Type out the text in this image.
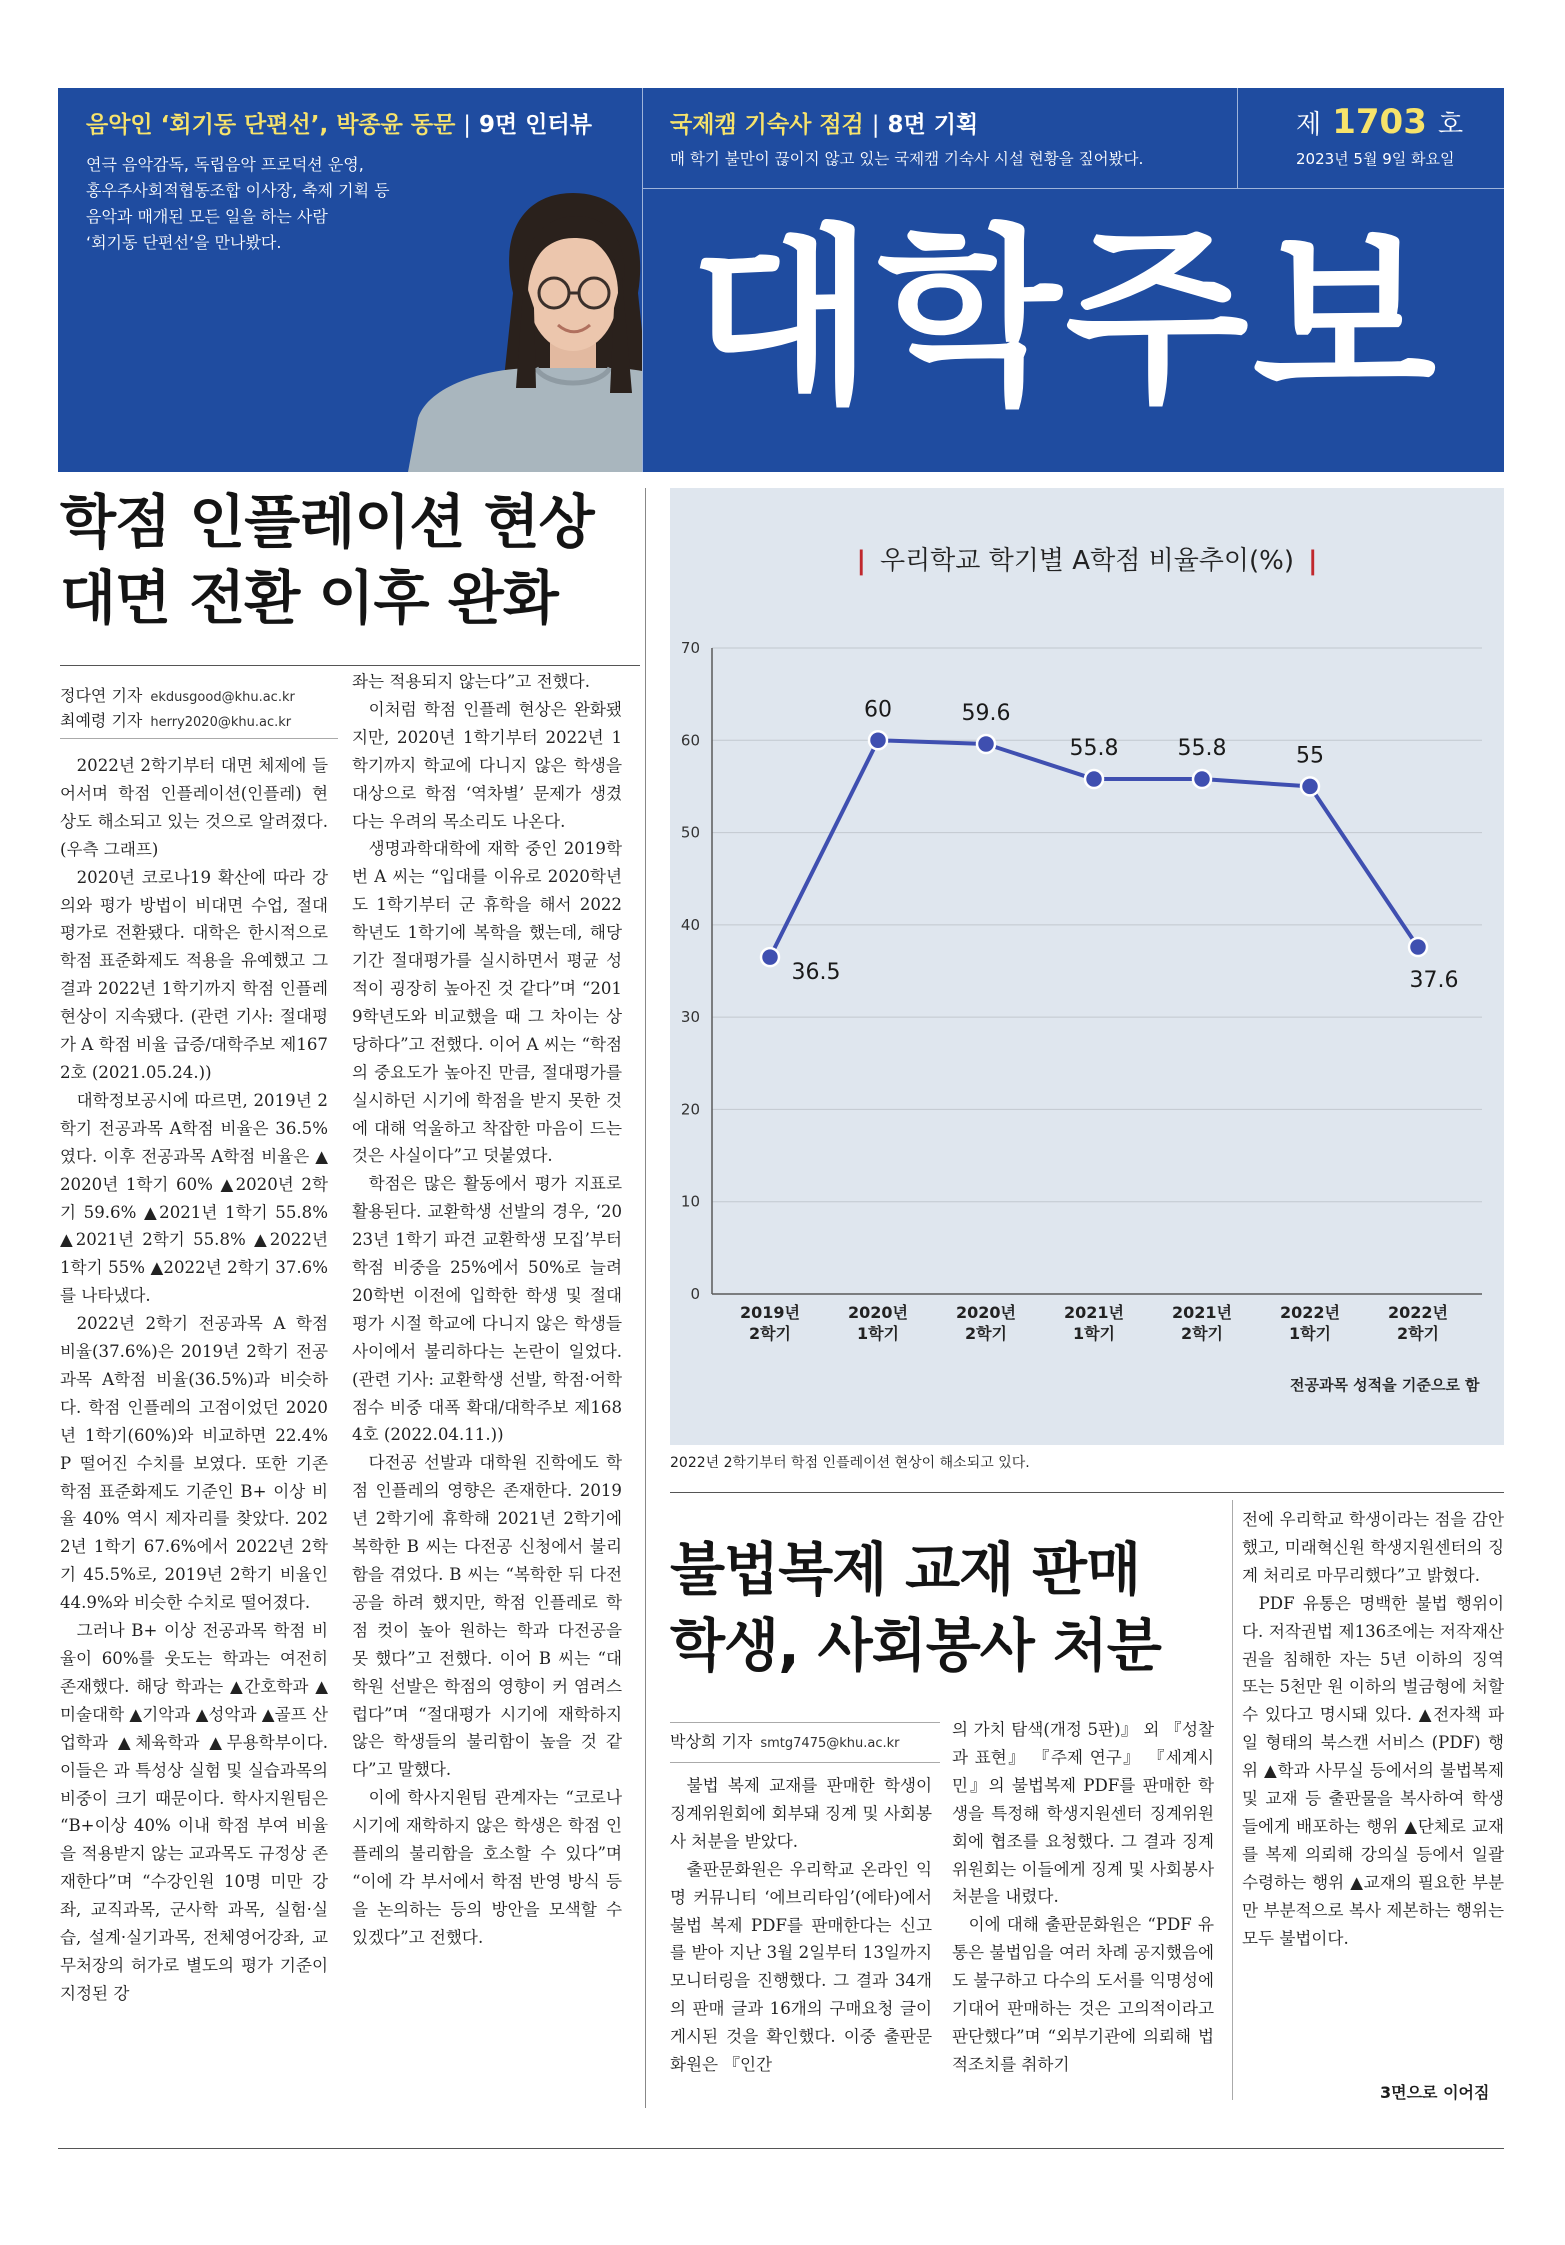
음악인 ‘회기동 단편선’, 박종윤 동문 | 9면 인터뷰
연극 음악감독, 독립음악 프로덕션 운영,
홍우주사회적협동조합 이사장, 축제 기획 등
음악과 매개된 모든 일을 하는 사람
‘회기동 단편선’을 만나봤다.
국제캠 기숙사 점검 | 8면 기획
매 학기 불만이 끊이지 않고 있는 국제캠 기숙사 시설 현황을 짚어봤다.
제 1703 호
2023년 5월 9일 화요일
대학주보
학점 인플레이션 현상
대면 전환 이후 완화
정다연 기자 ekdusgood@khu.ac.kr
최예령 기자 herry2020@khu.ac.kr

2022년 2학기부터 대면 체제에 들어서며 학점 인플레이션(인플레) 현상도 해소되고 있는 것으로 알려졌다.(우측 그래프)

2020년 코로나19 확산에 따라 강의와 평가 방법이 비대면 수업, 절대평가로 전환됐다. 대학은 한시적으로 학점 표준화제도 적용을 유예했고 그 결과 2022년 1학기까지 학점 인플레 현상이 지속됐다. (관련 기사: 절대평가 A 학점 비율 급증/대학주보 제1672호 (2021.05.24.))

대학정보공시에 따르면, 2019년 2학기 전공과목 A학점 비율은 36.5%였다. 이후 전공과목 A학점 비율은 ▲2020년 1학기 60% ▲2020년 2학기 59.6% ▲2021년 1학기 55.8% ▲2021년 2학기 55.8% ▲2022년 1학기 55% ▲2022년 2학기 37.6%를 나타냈다.

2022년 2학기 전공과목 A 학점 비율(37.6%)은 2019년 2학기 전공과목 A학점 비율(36.5%)과 비슷하다. 학점 인플레의 고점이었던 2020년 1학기(60%)와 비교하면 22.4%P 떨어진 수치를 보였다. 또한 기존 학점 표준화제도 기준인 B+ 이상 비율 40% 역시 제자리를 찾았다. 2022년 1학기 67.6%에서 2022년 2학기 45.5%로, 2019년 2학기 비율인 44.9%와 비슷한 수치로 떨어졌다.

그러나 B+ 이상 전공과목 학점 비율이 60%를 웃도는 학과는 여전히 존재했다. 해당 학과는 ▲간호학과 ▲미술대학 ▲기악과 ▲성악과 ▲골프 산업학과 ▲체육학과 ▲무용학부이다. 이들은 과 특성상 실험 및 실습과목의 비중이 크기 때문이다. 학사지원팀은 “B+이상 40% 이내 학점 부여 비율을 적용받지 않는 교과목도 규정상 존재한다”며 “수강인원 10명 미만 강좌, 교직과목, 군사학 과목, 실험·실습, 설계·실기과목, 전체영어강좌, 교무처장의 허가로 별도의 평가 기준이 지정된 강

좌는 적용되지 않는다”고 전했다.

이처럼 학점 인플레 현상은 완화됐지만, 2020년 1학기부터 2022년 1학기까지 학교에 다니지 않은 학생을 대상으로 학점 ‘역차별’ 문제가 생겼다는 우려의 목소리도 나온다.

생명과학대학에 재학 중인 2019학번 A 씨는 “입대를 이유로 2020학년도 1학기부터 군 휴학을 해서 2022학년도 1학기에 복학을 했는데, 해당 기간 절대평가를 실시하면서 평균 성적이 굉장히 높아진 것 같다”며 “2019학년도와 비교했을 때 그 차이는 상당하다”고 전했다. 이어 A 씨는 “학점의 중요도가 높아진 만큼, 절대평가를 실시하던 시기에 학점을 받지 못한 것에 대해 억울하고 착잡한 마음이 드는 것은 사실이다”고 덧붙였다.

학점은 많은 활동에서 평가 지표로 활용된다. 교환학생 선발의 경우, ‘2023년 1학기 파견 교환학생 모집’부터 학점 비중을 25%에서 50%로 늘려 20학번 이전에 입학한 학생 및 절대평가 시절 학교에 다니지 않은 학생들 사이에서 불리하다는 논란이 일었다. (관련 기사: 교환학생 선발, 학점·어학점수 비중 대폭 확대/대학주보 제1684호 (2022.04.11.))

다전공 선발과 대학원 진학에도 학점 인플레의 영향은 존재한다. 2019년 2학기에 휴학해 2021년 2학기에 복학한 B 씨는 다전공 신청에서 불리함을 겪었다. B 씨는 “복학한 뒤 다전공을 하려 했지만, 학점 인플레로 학점 컷이 높아 원하는 학과 다전공을 못 했다”고 전했다. 이어 B 씨는 “대학원 선발은 학점의 영향이 커 염려스럽다”며 “절대평가 시기에 재학하지 않은 학생들의 불리함이 높을 것 같다”고 말했다.

이에 학사지원팀 관계자는 “코로나 시기에 재학하지 않은 학생은 학점 인플레의 불리함을 호소할 수 있다”며 “이에 각 부서에서 학점 반영 방식 등을 논의하는 등의 방안을 모색할 수 있겠다”고 전했다.

| 우리학교 학기별 A학점 비율추이(%) |
0
10
20
30
40
50
60
70
2019년
2학기
2020년
1학기
2020년
2학기
2021년
1학기
2021년
2학기
2022년
1학기
2022년
2학기
36.5
60	59.6
55.8	55.8	55
37.6
전공과목 성적을 기준으로 함
2022년 2학기부터 학점 인플레이션 현상이 해소되고 있다.
불법복제 교재 판매
학생, 사회봉사 처분
박상희 기자 smtg7475@khu.ac.kr

불법 복제 교재를 판매한 학생이 징계위원회에 회부돼 징계 및 사회봉사 처분을 받았다.

출판문화원은 우리학교 온라인 익명 커뮤니티 ‘에브리타임’(에타)에서 불법 복제 PDF를 판매한다는 신고를 받아 지난 3월 2일부터 13일까지 모니터링을 진행했다. 그 결과 34개의 판매 글과 16개의 구매요청 글이 게시된 것을 확인했다. 이중 출판문화원은 『인간

의 가치 탐색(개정 5판)』 외 『성찰과 표현』 『주제 연구』 『세계시민』의 불법복제 PDF를 판매한 학생을 특정해 학생지원센터 징계위원회에 협조를 요청했다. 그 결과 징계위원회는 이들에게 징계 및 사회봉사 처분을 내렸다.

이에 대해 출판문화원은 “PDF 유통은 불법임을 여러 차례 공지했음에도 불구하고 다수의 도서를 익명성에 기대어 판매하는 것은 고의적이라고 판단했다”며 “외부기관에 의뢰해 법적조치를 취하기

전에 우리학교 학생이라는 점을 감안했고, 미래혁신원 학생지원센터의 징계 처리로 마무리했다”고 밝혔다.

PDF 유통은 명백한 불법 행위이다. 저작권법 제136조에는 저작재산권을 침해한 자는 5년 이하의 징역 또는 5천만 원 이하의 벌금형에 처할 수 있다고 명시돼 있다. ▲전자책 파일 형태의 북스캔 서비스 (PDF) 행위 ▲학과 사무실 등에서의 불법복제 및 교재 등 출판물을 복사하여 학생들에게 배포하는 행위 ▲단체로 교재를 복제 의뢰해 강의실 등에서 일괄 수령하는 행위 ▲교재의 필요한 부분만 부분적으로 복사 제본하는 행위는 모두 불법이다.

3면으로 이어짐
